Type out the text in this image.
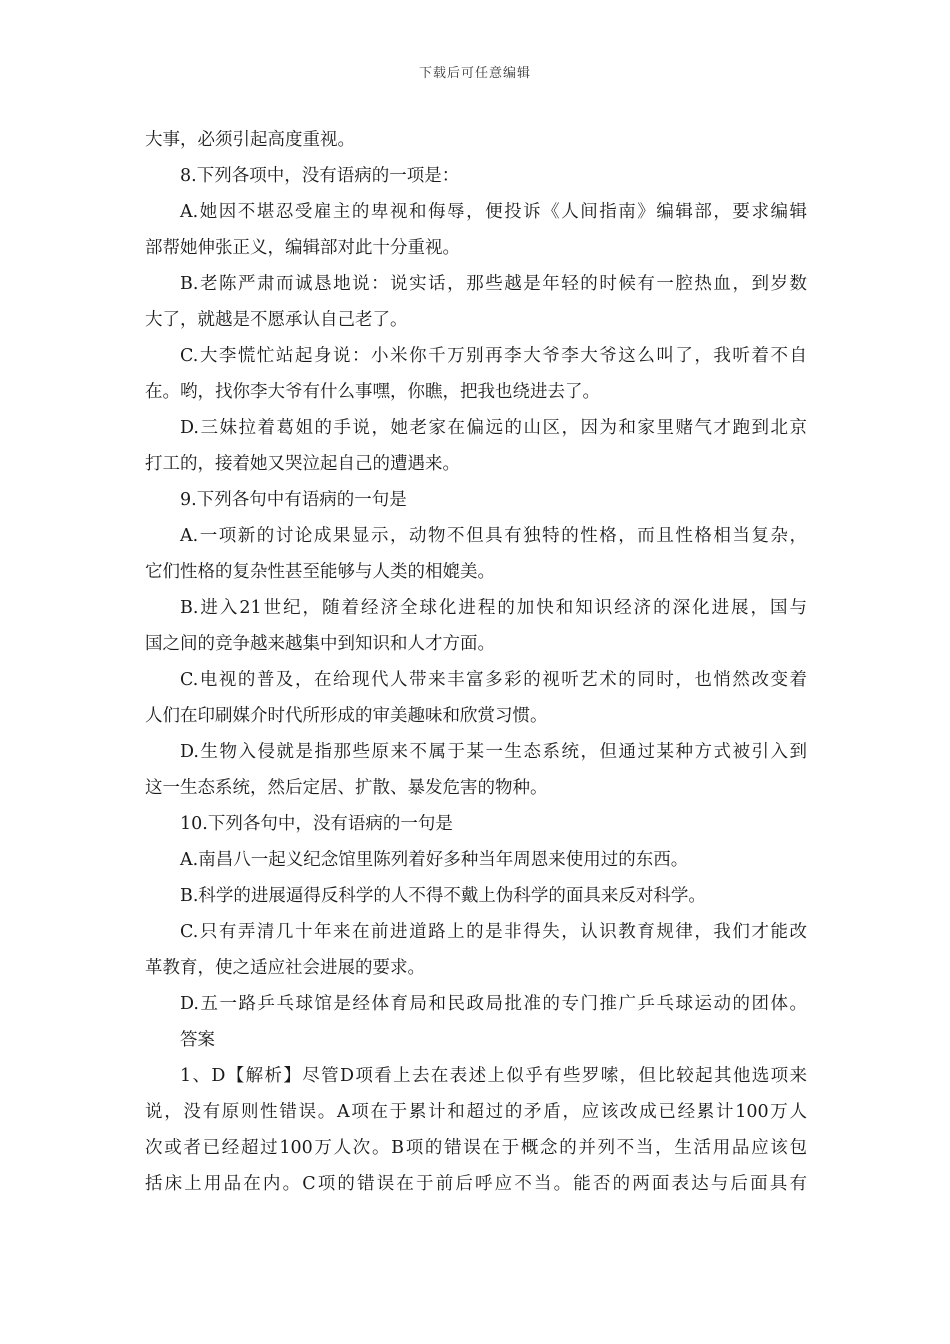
下载后可任意编辑
大事，必须引起高度重视。
8.下列各项中，没有语病的一项是：
A.她因不堪忍受雇主的卑视和侮辱，便投诉《人间指南》编辑部，要求编辑
部帮她伸张正义，编辑部对此十分重视。
B.老陈严肃而诚恳地说：说实话，那些越是年轻的时候有一腔热血，到岁数
大了，就越是不愿承认自己老了。
C.大李慌忙站起身说：小米你千万别再李大爷李大爷这么叫了，我听着不自
在。哟，找你李大爷有什么事嘿，你瞧，把我也绕进去了。
D.三妹拉着葛姐的手说，她老家在偏远的山区，因为和家里赌气才跑到北京
打工的，接着她又哭泣起自己的遭遇来。
9.下列各句中有语病的一句是
A.一项新的讨论成果显示，动物不但具有独特的性格，而且性格相当复杂，
它们性格的复杂性甚至能够与人类的相媲美。
B.进入21世纪，随着经济全球化进程的加快和知识经济的深化进展，国与
国之间的竞争越来越集中到知识和人才方面。
C.电视的普及，在给现代人带来丰富多彩的视听艺术的同时，也悄然改变着
人们在印刷媒介时代所形成的审美趣味和欣赏习惯。
D.生物入侵就是指那些原来不属于某一生态系统，但通过某种方式被引入到
这一生态系统，然后定居、扩散、暴发危害的物种。
10.下列各句中，没有语病的一句是
A.南昌八一起义纪念馆里陈列着好多种当年周恩来使用过的东西。
B.科学的进展逼得反科学的人不得不戴上伪科学的面具来反对科学。
C.只有弄清几十年来在前进道路上的是非得失，认识教育规律，我们才能改
革教育，使之适应社会进展的要求。
D.五一路乒乓球馆是经体育局和民政局批准的专门推广乒乓球运动的团体。
答案
1、D【解析】尽管D项看上去在表述上似乎有些罗嗦，但比较起其他选项来
说，没有原则性错误。A项在于累计和超过的矛盾，应该改成已经累计100万人
次或者已经超过100万人次。B项的错误在于概念的并列不当，生活用品应该包
括床上用品在内。C项的错误在于前后呼应不当。能否的两面表达与后面具有
